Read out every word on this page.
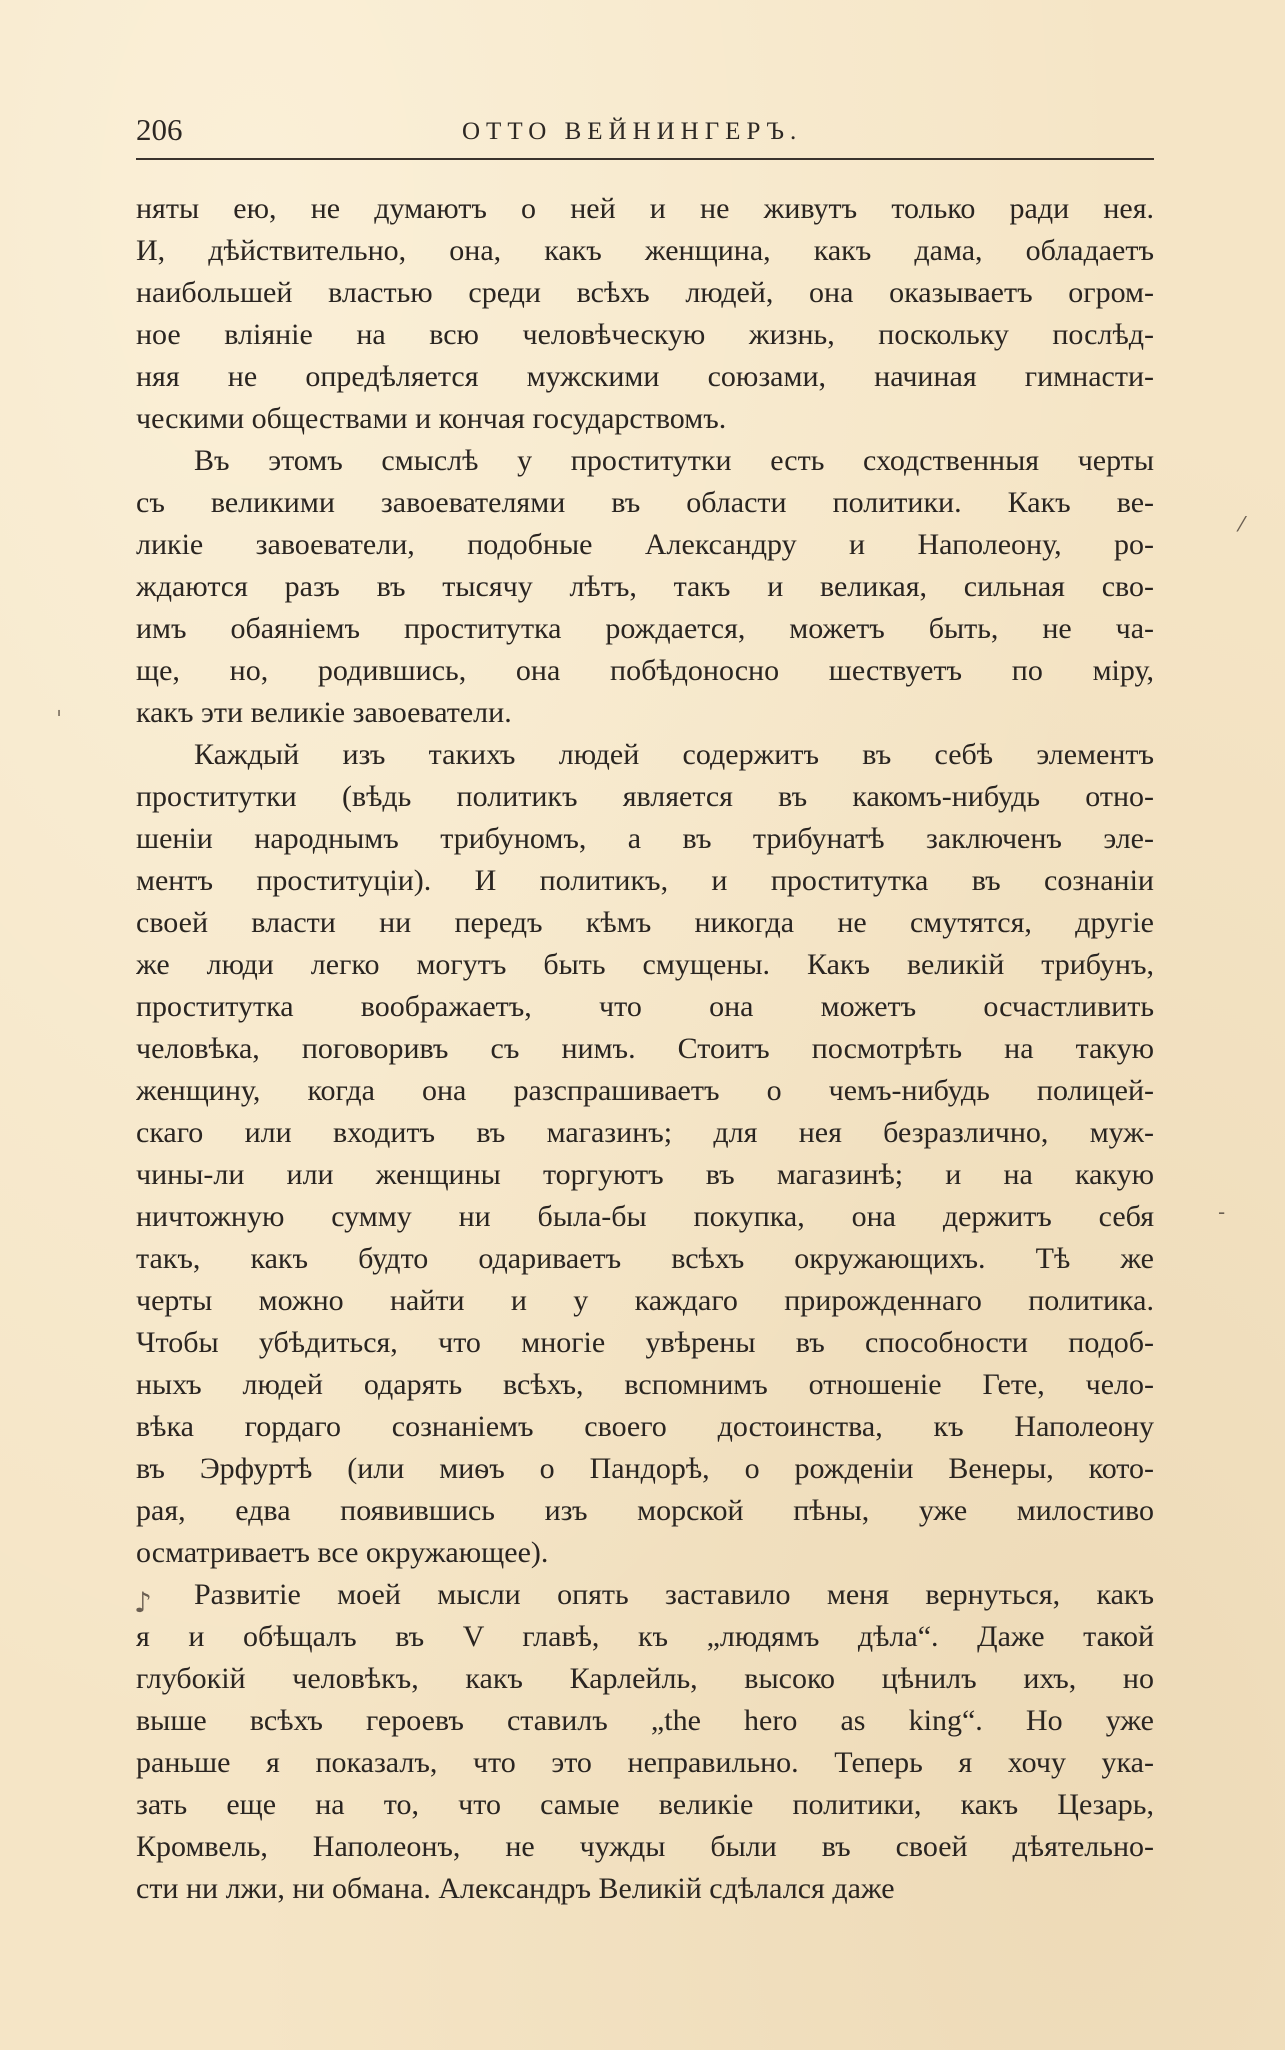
206	ОТТО ВЕЙНИНГЕРЪ.
няты ею, не думаютъ о ней и не живутъ только ради нея.
И, дѣйствительно, она, какъ женщина, какъ дама, обладаетъ
наибольшей властью среди всѣхъ людей, она оказываетъ огром-
ное вліяніе на всю человѣческую жизнь, поскольку послѣд-
няя не опредѣляется мужскими союзами, начиная гимнасти-
ческими обществами и кончая государствомъ.
Въ этомъ смыслѣ у проститутки есть сходственныя черты
съ великими завоевателями въ области политики. Какъ ве-
ликіе завоеватели, подобные Александру и Наполеону, ро-
ждаются разъ въ тысячу лѣтъ, такъ и великая, сильная сво-
имъ обаяніемъ проститутка рождается, можетъ быть, не ча-
ще, но, родившись, она побѣдоносно шествуетъ по міру,
какъ эти великіе завоеватели.
Каждый изъ такихъ людей содержитъ въ себѣ элементъ
проститутки (вѣдь политикъ является въ какомъ-нибудь отно-
шеніи народнымъ трибуномъ, а въ трибунатѣ заключенъ эле-
ментъ проституціи). И политикъ, и проститутка въ сознаніи
своей власти ни передъ кѣмъ никогда не смутятся, другіе
же люди легко могутъ быть смущены. Какъ великій трибунъ,
проститутка воображаетъ, что она можетъ осчастливить
человѣка, поговоривъ съ нимъ. Стоитъ посмотрѣть на такую
женщину, когда она разспрашиваетъ о чемъ-нибудь полицей-
скаго или входитъ въ магазинъ; для нея безразлично, муж-
чины-ли или женщины торгуютъ въ магазинѣ; и на какую
ничтожную сумму ни была-бы покупка, она держитъ себя
такъ, какъ будто одариваетъ всѣхъ окружающихъ. Тѣ же
черты можно найти и у каждаго прирожденнаго политика.
Чтобы убѣдиться, что многіе увѣрены въ способности подоб-
ныхъ людей одарять всѣхъ, вспомнимъ отношеніе Гете, чело-
вѣка гордаго сознаніемъ своего достоинства, къ Наполеону
въ Эрфуртѣ (или миѳъ о Пандорѣ, о рожденіи Венеры, кото-
рая, едва появившись изъ морской пѣны, уже милостиво
осматриваетъ все окружающее).
Развитіе моей мысли опять заставило меня вернуться, какъ
я и обѣщалъ въ V главѣ, къ „людямъ дѣла“. Даже такой
глубокій человѣкъ, какъ Карлейль, высоко цѣнилъ ихъ, но
выше всѣхъ героевъ ставилъ „the hero as king“. Но уже
раньше я показалъ, что это неправильно. Теперь я хочу ука-
зать еще на то, что самые великіе политики, какъ Цезарь,
Кромвель, Наполеонъ, не чужды были въ своей дѣятельно-
сти ни лжи, ни обмана. Александръ Великій сдѣлался даже
⁄
ˈ
‐
♪
